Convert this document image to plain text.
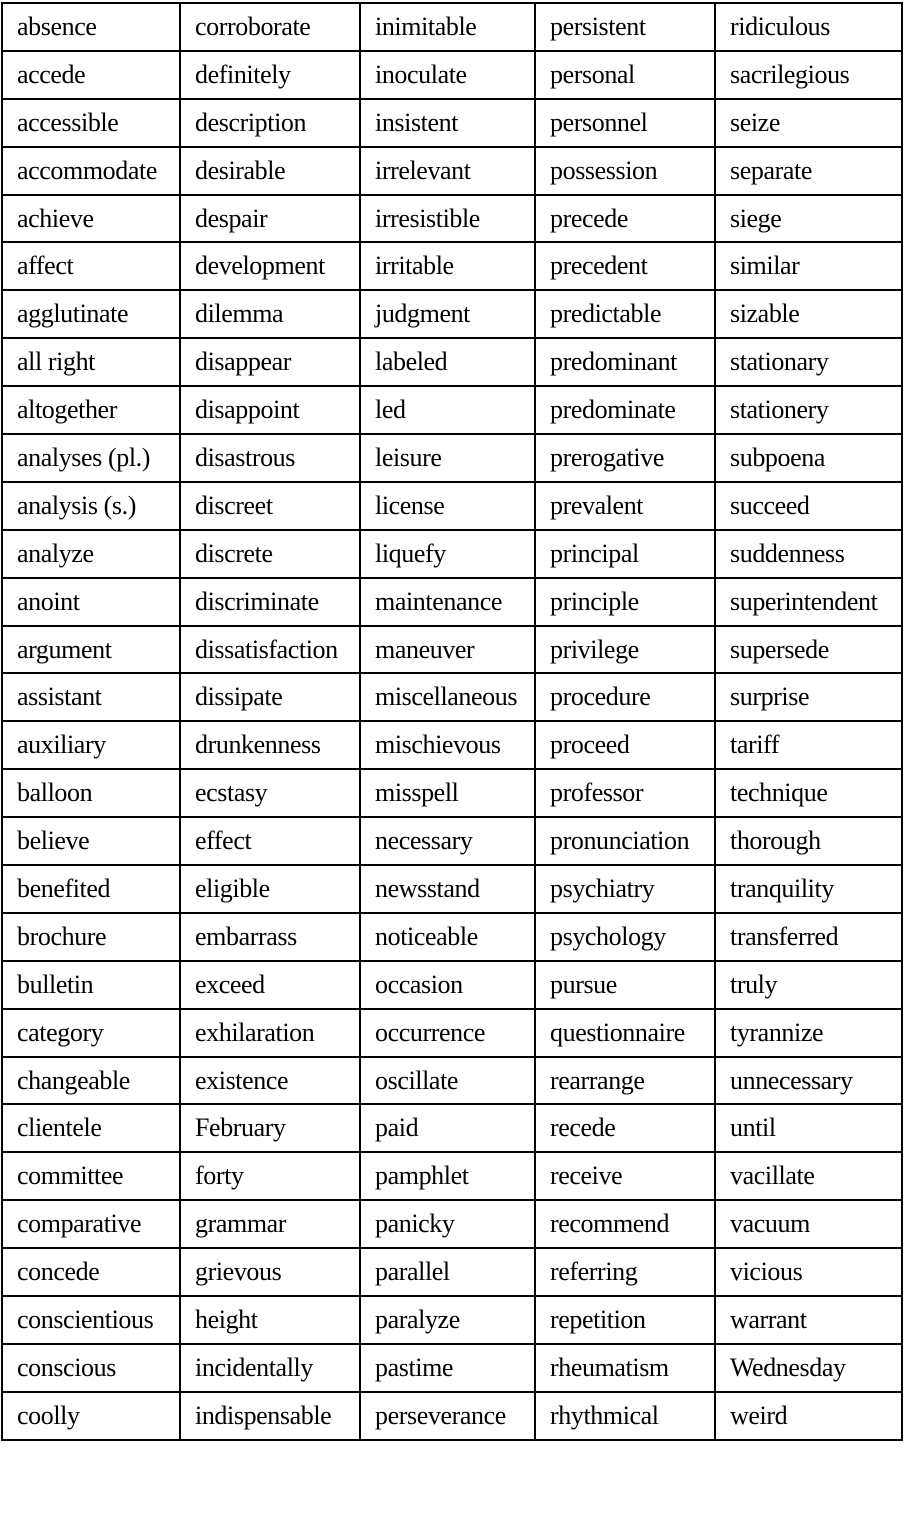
absence	corroborate	inimitable	persistent	ridiculous
accede	definitely	inoculate	personal	sacrilegious
accessible	description	insistent	personnel	seize
accommodate	desirable	irrelevant	possession	separate
achieve	despair	irresistible	precede	siege
affect	development	irritable	precedent	similar
agglutinate	dilemma	judgment	predictable	sizable
all right	disappear	labeled	predominant	stationary
altogether	disappoint	led	predominate	stationery
analyses (pl.)	disastrous	leisure	prerogative	subpoena
analysis (s.)	discreet	license	prevalent	succeed
analyze	discrete	liquefy	principal	suddenness
anoint	discriminate	maintenance	principle	superintendent
argument	dissatisfaction	maneuver	privilege	supersede
assistant	dissipate	miscellaneous	procedure	surprise
auxiliary	drunkenness	mischievous	proceed	tariff
balloon	ecstasy	misspell	professor	technique
believe	effect	necessary	pronunciation	thorough
benefited	eligible	newsstand	psychiatry	tranquility
brochure	embarrass	noticeable	psychology	transferred
bulletin	exceed	occasion	pursue	truly
category	exhilaration	occurrence	questionnaire	tyrannize
changeable	existence	oscillate	rearrange	unnecessary
clientele	February	paid	recede	until
committee	forty	pamphlet	receive	vacillate
comparative	grammar	panicky	recommend	vacuum
concede	grievous	parallel	referring	vicious
conscientious	height	paralyze	repetition	warrant
conscious	incidentally	pastime	rheumatism	Wednesday
coolly	indispensable	perseverance	rhythmical	weird
